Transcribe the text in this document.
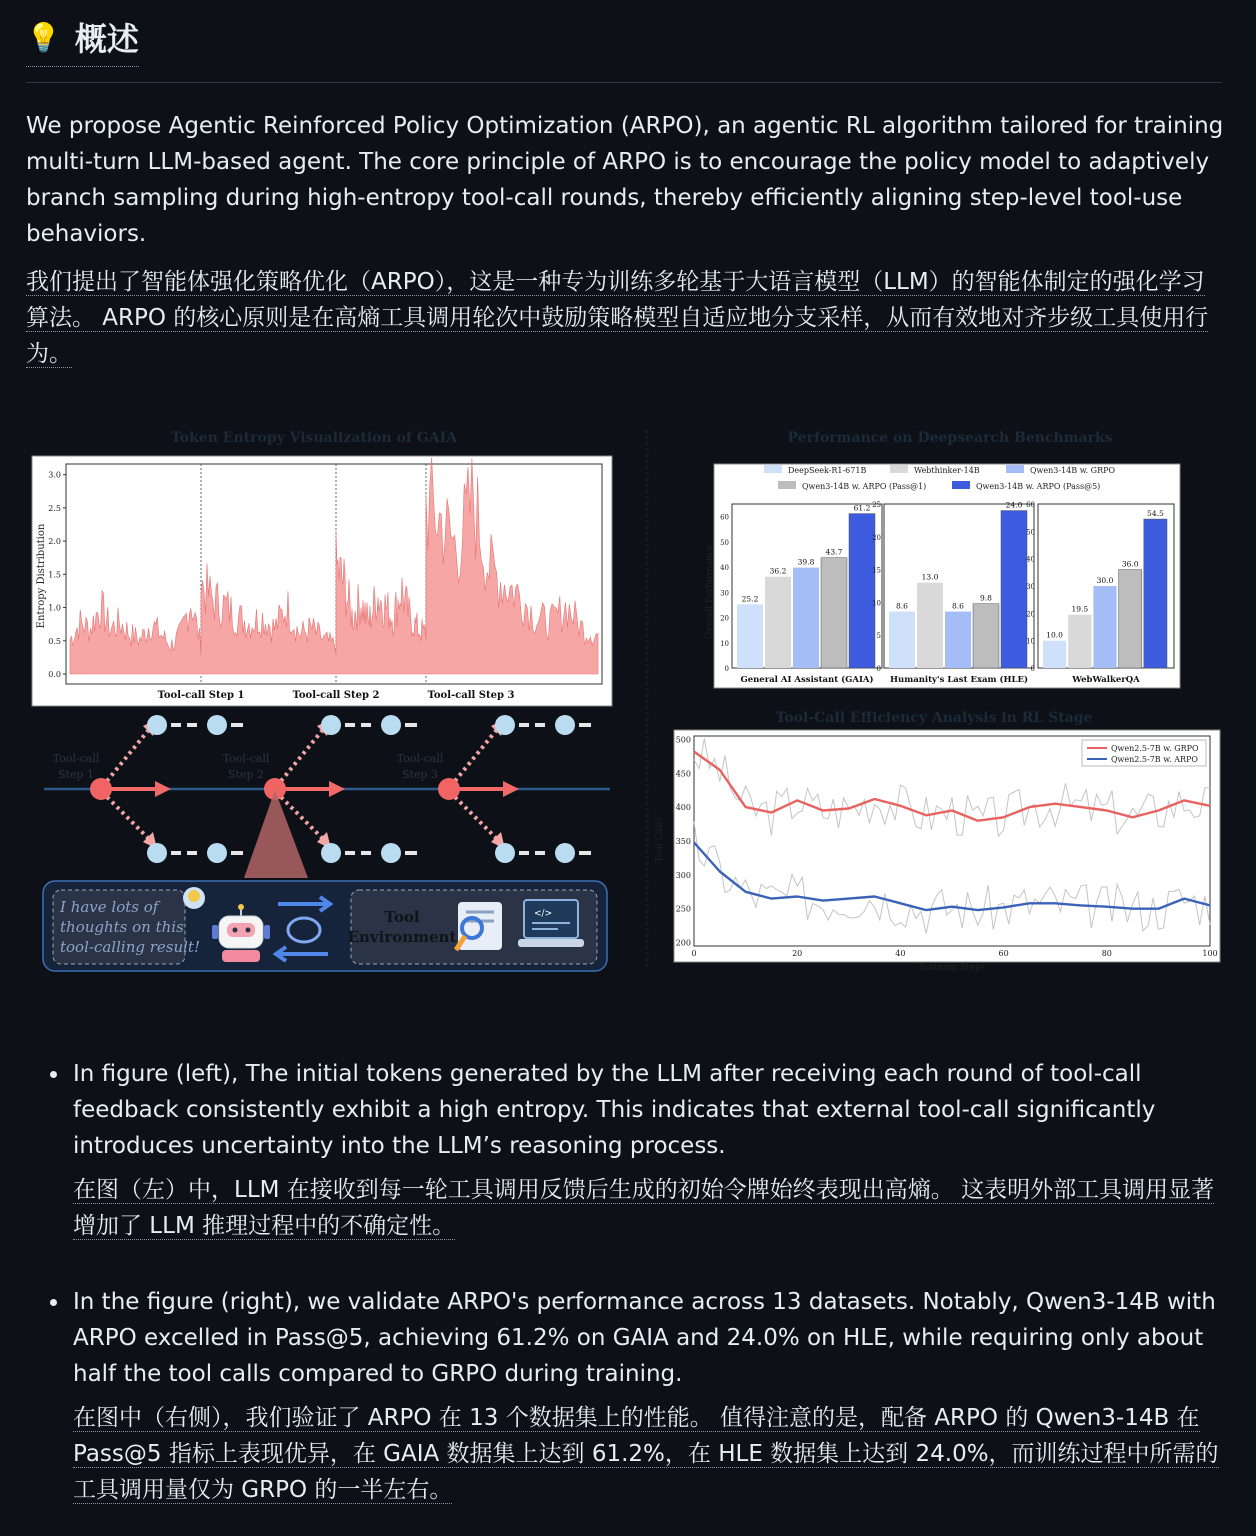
💡 概述
We propose Agentic Reinforced Policy Optimization (ARPO), an agentic RL algorithm tailored for training multi-turn LLM-based agent. The core principle of ARPO is to encourage the policy model to adaptively branch sampling during high-entropy tool-call rounds, thereby efficiently aligning step-level tool-use behaviors.
我们提出了智能体强化策略优化（ARPO），这是一种专为训练多轮基于大语言模型（LLM）的智能体制定的强化学习算法。 ARPO 的核心原则是在高熵工具调用轮次中鼓励策略模型自适应地分支采样，从而有效地对齐步级工具使用行为。
Token Entropy Visualization of GAIA
0.0
0.5
1.0
1.5
2.0
2.5
3.0
Entropy Distribution
Tool-call Step 1	Tool-call Step 2	Tool-call Step 3
Tool-call
Step 1
Tool-call
Step 2
Tool-call
Step 3
I have lots of
thoughts on this
tool-calling result!
Tool
Environment
</>
Performance on Deepsearch Benchmarks
DeepSeek-R1-671B	Webthinker-14B	Qwen3-14B w. GRPO
Qwen3-14B w. ARPO (Pass@1)	Qwen3-14B w. ARPO (Pass@5)
Overall Performance
0
10
20
30
40
50
60
25.2
36.2
39.8
43.7
61.2
General AI Assistant (GAIA)
0
5
10
15
20
25
8.6
13.0
8.6
9.8
24.0
Humanity's Last Exam (HLE)
0
10
20
30
40
50
60
10.0
19.5
30.0
36.0
54.5
WebWalkerQA
Tool-Call Efficiency Analysis in RL Stage
0	20	40	60	80	100
200
250
300
350
400
450
500
Qwen2.5-7B w. GRPO
Qwen2.5-7B w. ARPO
Training Steps
Tool Calls
In figure (left), The initial tokens generated by the LLM after receiving each round of tool-call feedback consistently exhibit a high entropy. This indicates that external tool-call significantly introduces uncertainty into the LLM’s reasoning process.
在图（左）中，LLM 在接收到每一轮工具调用反馈后生成的初始令牌始终表现出高熵。 这表明外部工具调用显著增加了 LLM 推理过程中的不确定性。
In the figure (right), we validate ARPO's performance across 13 datasets. Notably, Qwen3-14B with ARPO excelled in Pass@5, achieving 61.2% on GAIA and 24.0% on HLE, while requiring only about half the tool calls compared to GRPO during training.
在图中（右侧），我们验证了 ARPO 在 13 个数据集上的性能。 值得注意的是，配备 ARPO 的 Qwen3-14B 在 Pass@5 指标上表现优异，在 GAIA 数据集上达到 61.2%，在 HLE 数据集上达到 24.0%，而训练过程中所需的工具调用量仅为 GRPO 的一半左右。
